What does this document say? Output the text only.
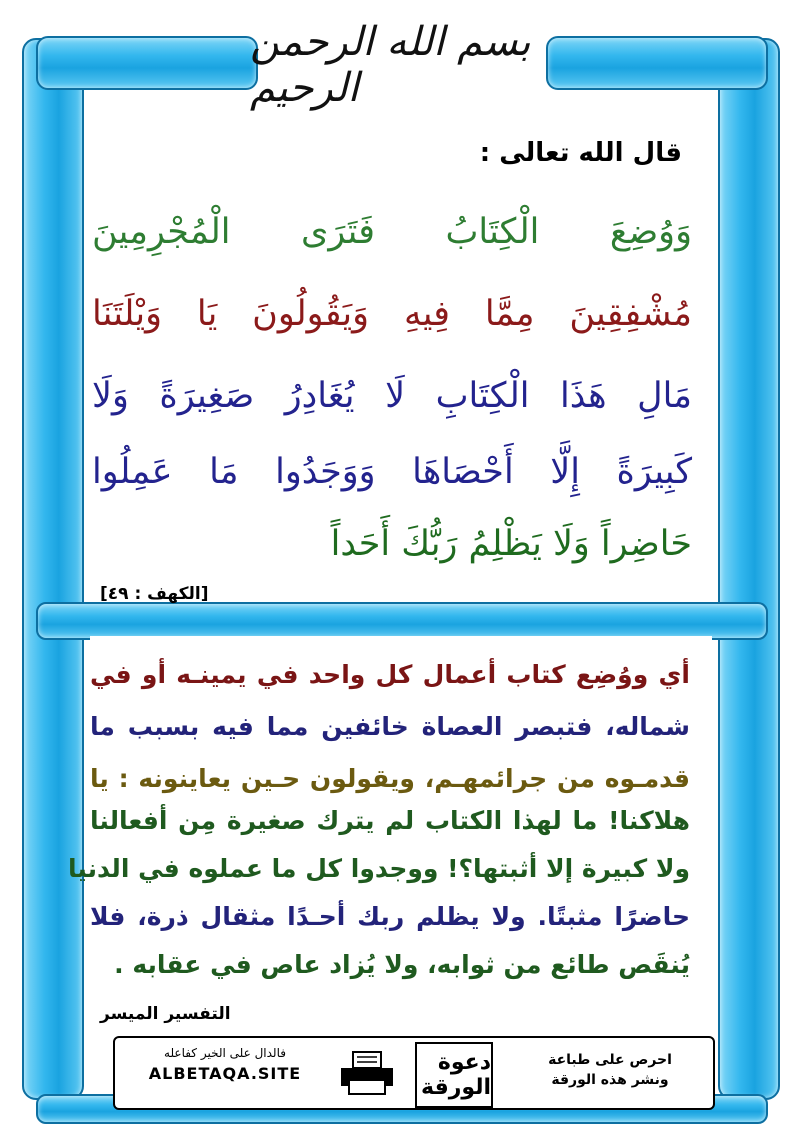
بسم الله الرحمن الرحيم
قال الله تعالى :
وَوُضِعَ الْكِتَابُ فَتَرَى الْمُجْرِمِينَ
مُشْفِقِينَ مِمَّا فِيهِ وَيَقُولُونَ يَا وَيْلَتَنَا
مَالِ هَذَا الْكِتَابِ لَا يُغَادِرُ صَغِيرَةً وَلَا
كَبِيرَةً إِلَّا أَحْصَاهَا وَوَجَدُوا مَا عَمِلُوا
حَاضِراً وَلَا يَظْلِمُ رَبُّكَ أَحَداً
[الكهف : ٤٩]
أي ووُضِع كتاب أعمال كل واحد في يمينـه أو في
شماله، فتبصر العصاة خائفين مما فيه بسبب ما
قدمـوه من جرائمهـم، ويقولون حـين يعاينونه : يا
هلاكنا! ما لهذا الكتاب لم يترك صغيرة مِن أفعالنا
ولا كبيرة إلا أثبتها؟! ووجدوا كل ما عملوه في الدنيا
حاضرًا مثبتًا. ولا يظلم ربك أحـدًا مثقال ذرة، فلا
يُنقَص طائع من ثوابه، ولا يُزاد عاص في عقابه .
التفسير الميسر
فالدال على الخير كفاعله
ALBETAQA.SITE	دعوة الورقة
احرص على طباعة
ونشر هذه الورقة
